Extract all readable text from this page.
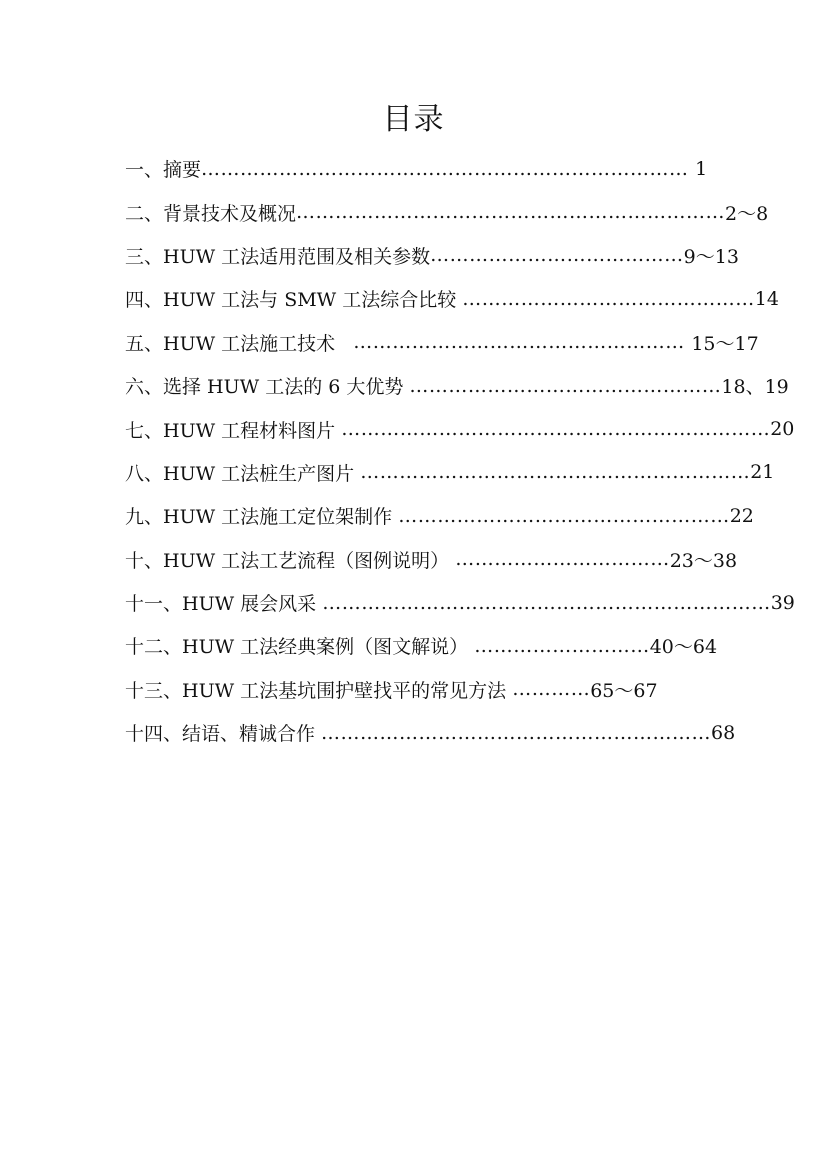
目录
一、摘要 ………………………………………………………………… 1
二、背景技术及概况 ………………………………………………………… 2～8
三、HUW 工法适用范围及相关参数 ………………………………… 9～13
四、HUW 工法与 SMW 工法综合比较 ……………………………………… 14
五、HUW 工法施工技术 …………………………………………… 15～17
六、选择 HUW 工法的 6 大优势 ………………………………………… 18、19
七、HUW 工程材料图片 ………………………………………………………… 20
八、HUW 工法桩生产图片 …………………………………………………… 21
九、HUW 工法施工定位架制作 …………………………………………… 22
十、HUW 工法工艺流程（图例说明） …………………………… 23～38
十一、HUW 展会风采 …………………………………………………………… 39
十二、HUW 工法经典案例（图文解说） ……………………… 40～64
十三、HUW 工法基坑围护壁找平的常见方法 ………… 65～67
十四、结语、精诚合作 …………………………………………………… 68
